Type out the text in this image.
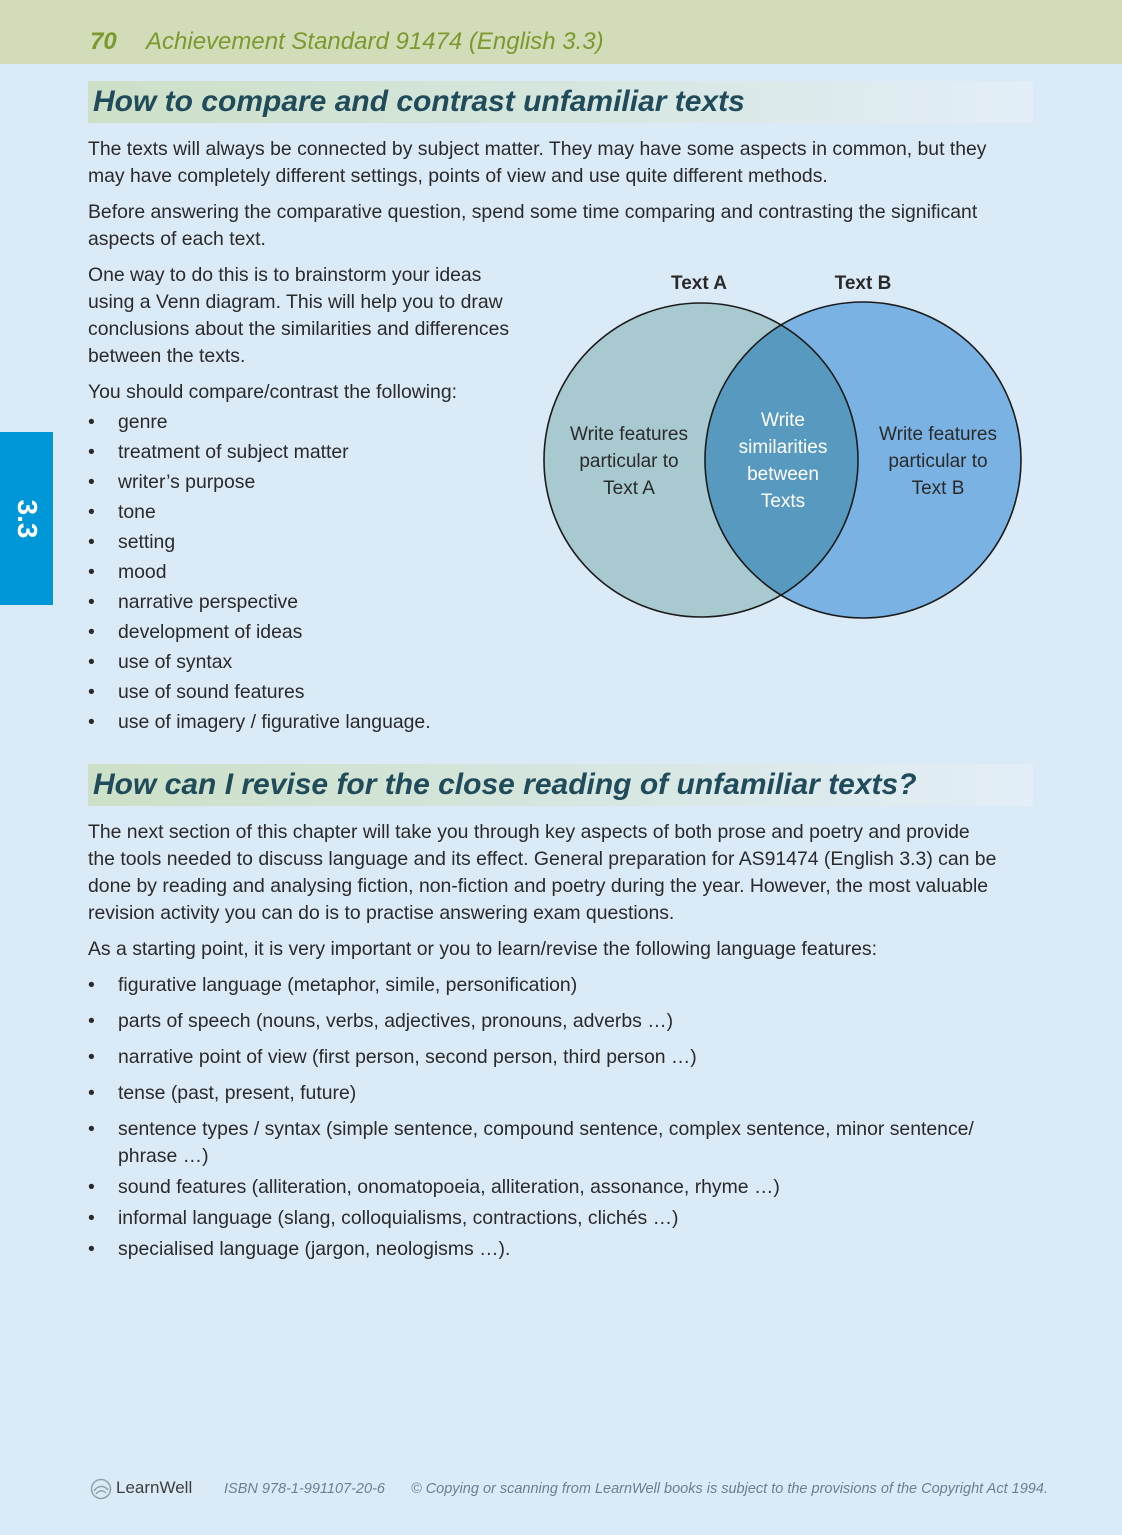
70 Achievement Standard 91474 (English 3.3)
3.3
How to compare and contrast unfamiliar texts
The texts will always be connected by subject matter. They may have some aspects in common, but they
may have completely different settings, points of view and use quite different methods.
Before answering the comparative question, spend some time comparing and contrasting the significant
aspects of each text.
One way to do this is to brainstorm your ideas
using a Venn diagram. This will help you to draw
conclusions about the similarities and differences
between the texts.
You should compare/contrast the following:
• genre
• treatment of subject matter
• writer’s purpose
• tone
• setting
• mood
• narrative perspective
• development of ideas
• use of syntax
• use of sound features
• use of imagery / figurative language.
Text A	Text B
Write features
particular to
Text A
Write
similarities
between
Texts
Write features
particular to
Text B
How can I revise for the close reading of unfamiliar texts?
The next section of this chapter will take you through key aspects of both prose and poetry and provide
the tools needed to discuss language and its effect. General preparation for AS91474 (English 3.3) can be
done by reading and analysing fiction, non-fiction and poetry during the year. However, the most valuable
revision activity you can do is to practise answering exam questions.
As a starting point, it is very important or you to learn/revise the following language features:
• figurative language (metaphor, simile, personification)
• parts of speech (nouns, verbs, adjectives, pronouns, adverbs …)
• narrative point of view (first person, second person, third person …)
• tense (past, present, future)
• sentence types / syntax (simple sentence, compound sentence, complex sentence, minor sentence/
phrase …)
• sound features (alliteration, onomatopoeia, alliteration, assonance, rhyme …)
• informal language (slang, colloquialisms, contractions, clichés …)
• specialised language (jargon, neologisms …).
LearnWell ISBN 978-1-991107-20-6 © Copying or scanning from LearnWell books is subject to the provisions of the Copyright Act 1994.
